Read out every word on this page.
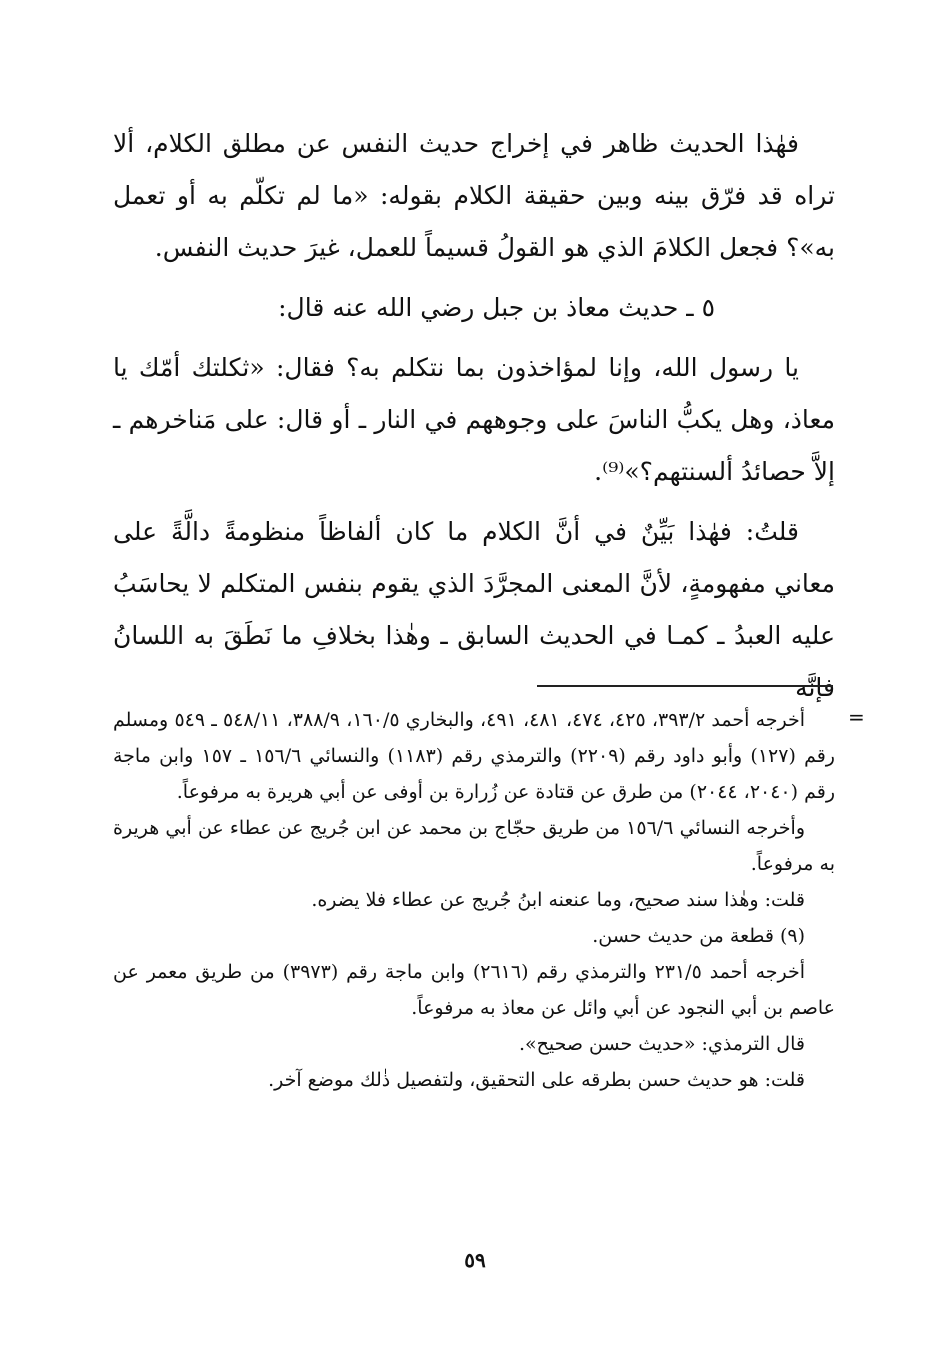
فهٰذا الحديث ظاهر في إخراج حديث النفس عن مطلق الكلام، ألا تراه قد فرّق بينه وبين حقيقة الكلام بقوله: «ما لم تكلّم به أو تعمل به»؟ فجعل الكلامَ الذي هو القولُ قسيماً للعمل، غيرَ حديث النفس.

٥ ـ حديث معاذ بن جبل رضي الله عنه قال:

يا رسول الله، وإنا لمؤاخذون بما نتكلم به؟ فقال: «ثكلتك أمّك يا معاذ، وهل يكبُّ الناسَ على وجوههم في النار ـ أو قال: على مَناخرهم ـ إلاَّ حصائدُ ألسنتهم؟»⁽⁹⁾.

قلتُ: فهٰذا بَيِّنٌ في أنَّ الكلام ما كان ألفاظاً منظومةً دالَّةً على معاني مفهومةٍ، لأنَّ المعنى المجرَّدَ الذي يقوم بنفس المتكلم لا يحاسَبُ عليه العبدُ ـ كمـا في الحديث السابق ـ وهٰذا بخلافِ ما نَطَقَ به اللسانُ فإنَّه

=

أخرجه أحمد ٣٩٣/٢، ٤٢٥، ٤٧٤، ٤٨١، ٤٩١، والبخاري ١٦٠/٥، ٣٨٨/٩، ٥٤٨/١١ ـ ٥٤٩ ومسلم رقم (١٢٧) وأبو داود رقم (٢٢٠٩) والترمذي رقم (١١٨٣) والنسائي ١٥٦/٦ ـ ١٥٧ وابن ماجة رقم (٢٠٤٠، ٢٠٤٤) من طرق عن قتادة عن زُرارة بن أوفى عن أبي هريرة به مرفوعاً.

وأخرجه النسائي ١٥٦/٦ من طريق حجّاج بن محمد عن ابن جُريج عن عطاء عن أبي هريرة به مرفوعاً.

قلت: وهٰذا سند صحيح، وما عنعنه ابنُ جُريج عن عطاء فلا يضره.

(٩) قطعة من حديث حسن.

أخرجه أحمد ٢٣١/٥ والترمذي رقم (٢٦١٦) وابن ماجة رقم (٣٩٧٣) من طريق معمر عن عاصم بن أبي النجود عن أبي وائل عن معاذ به مرفوعاً.

قال الترمذي: «حديث حسن صحيح».

قلت: هو حديث حسن بطرقه على التحقيق، ولتفصيل ذٰلك موضع آخر.

٥٩
